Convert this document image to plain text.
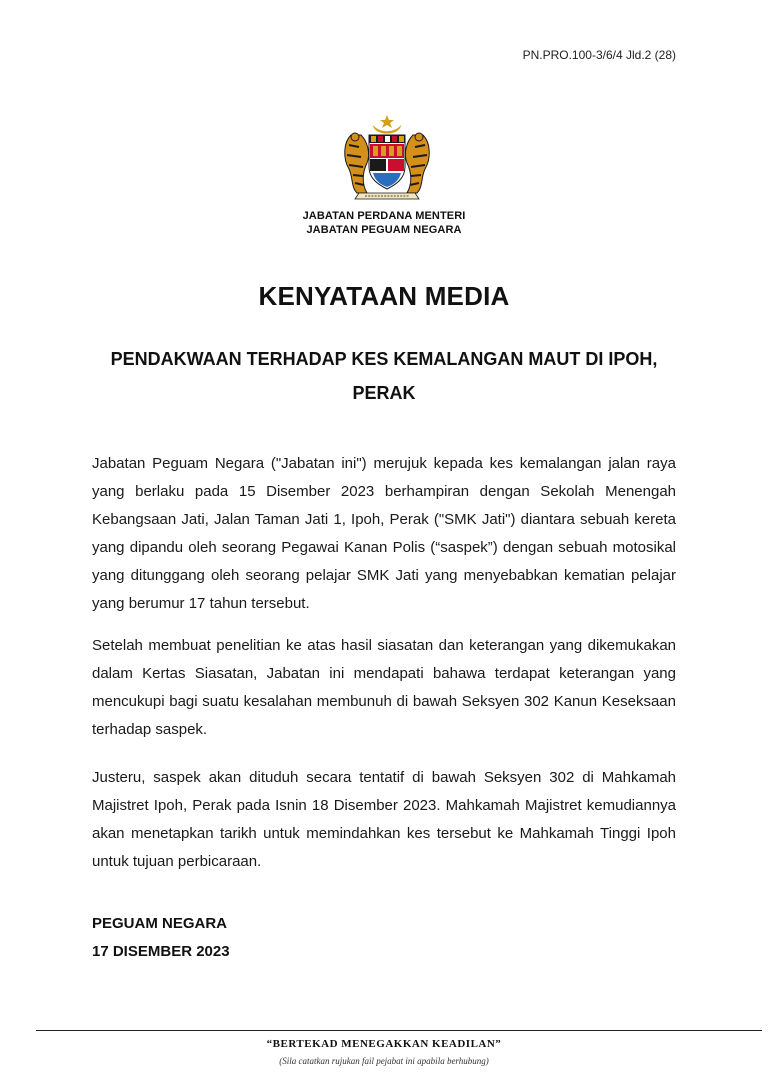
PN.PRO.100-3/6/4 Jld.2 (28)
JABATAN PERDANA MENTERI
JABATAN PEGUAM NEGARA
KENYATAAN MEDIA
PENDAKWAAN TERHADAP KES KEMALANGAN MAUT DI IPOH, PERAK
Jabatan Peguam Negara ("Jabatan ini") merujuk kepada kes kemalangan jalan raya yang berlaku pada 15 Disember 2023 berhampiran dengan Sekolah Menengah Kebangsaan Jati, Jalan Taman Jati 1, Ipoh, Perak ("SMK Jati") diantara sebuah kereta yang dipandu oleh seorang Pegawai Kanan Polis (“saspek”) dengan sebuah motosikal yang ditunggang oleh seorang pelajar SMK Jati yang menyebabkan kematian pelajar yang berumur 17 tahun tersebut.
Setelah membuat penelitian ke atas hasil siasatan dan keterangan yang dikemukakan dalam Kertas Siasatan, Jabatan ini mendapati bahawa terdapat keterangan yang mencukupi bagi suatu kesalahan membunuh di bawah Seksyen 302 Kanun Keseksaan terhadap saspek.
Justeru, saspek akan dituduh secara tentatif di bawah Seksyen 302 di Mahkamah Majistret Ipoh, Perak pada Isnin 18 Disember 2023. Mahkamah Majistret kemudiannya akan menetapkan tarikh untuk memindahkan kes tersebut ke Mahkamah Tinggi Ipoh untuk tujuan perbicaraan.
PEGUAM NEGARA
17 DISEMBER 2023
“BERTEKAD MENEGAKKAN KEADILAN”
(Sila catatkan rujukan fail pejabat ini apabila berhubung)
